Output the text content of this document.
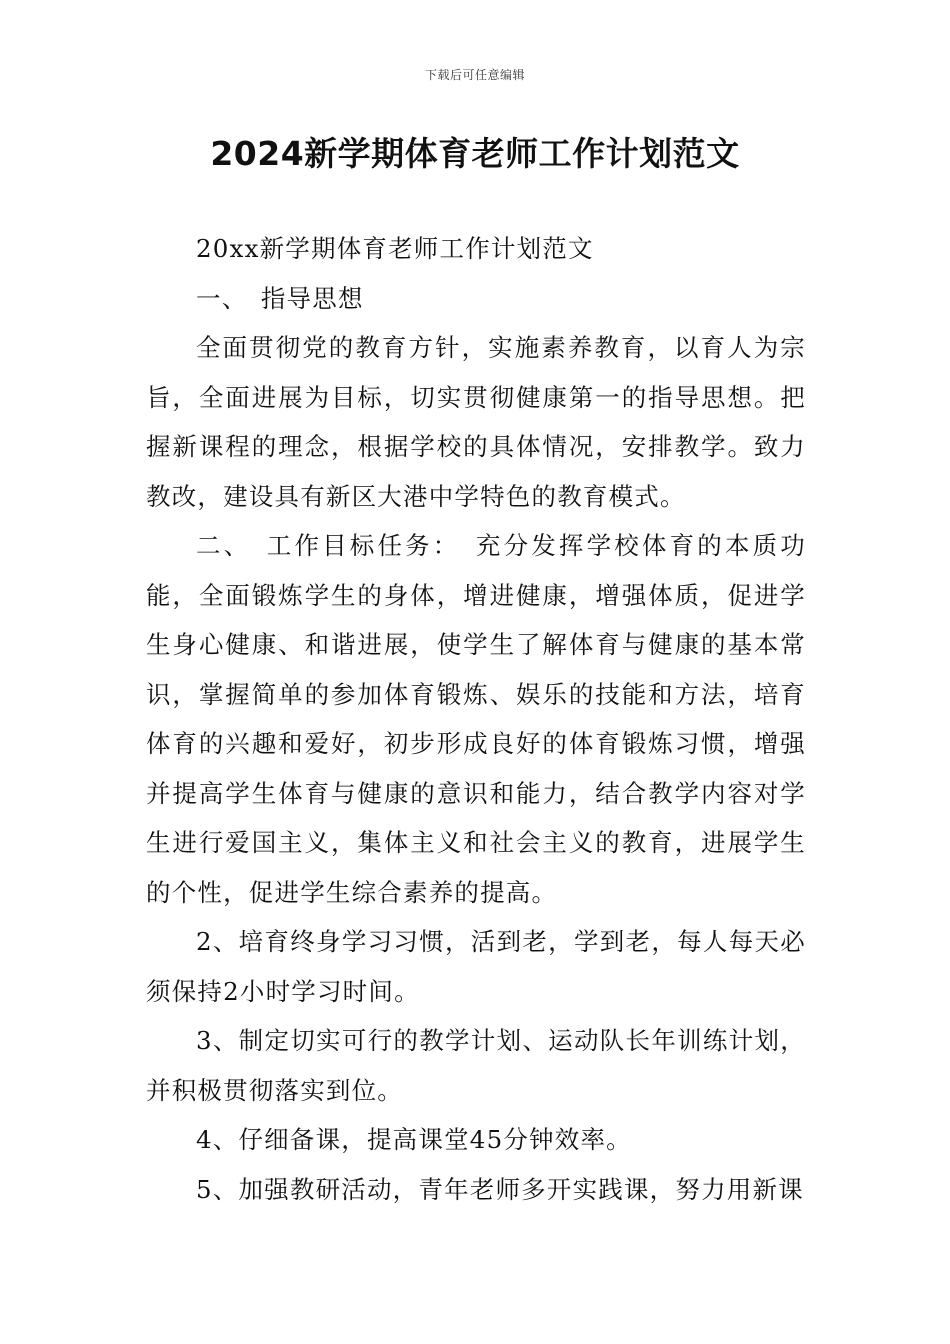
下载后可任意编辑
2024新学期体育老师工作计划范文

20xx新学期体育老师工作计划范文

一、　指导思想

全面贯彻党的教育方针，实施素养教育，以育人为宗旨，全面进展为目标，切实贯彻健康第一的指导思想。把握新课程的理念，根据学校的具体情况，安排教学。致力教改，建设具有新区大港中学特色的教育模式。

二、　工作目标任务：　充分发挥学校体育的本质功能，全面锻炼学生的身体，增进健康，增强体质，促进学生身心健康、和谐进展，使学生了解体育与健康的基本常识，掌握简单的参加体育锻炼、娱乐的技能和方法，培育体育的兴趣和爱好，初步形成良好的体育锻炼习惯，增强并提高学生体育与健康的意识和能力，结合教学内容对学生进行爱国主义，集体主义和社会主义的教育，进展学生的个性，促进学生综合素养的提高。

2、培育终身学习习惯，活到老，学到老，每人每天必须保持2小时学习时间。

3、制定切实可行的教学计划、运动队长年训练计划，并积极贯彻落实到位。

4、仔细备课，提高课堂45分钟效率。

5、加强教研活动，青年老师多开实践课，努力用新课
